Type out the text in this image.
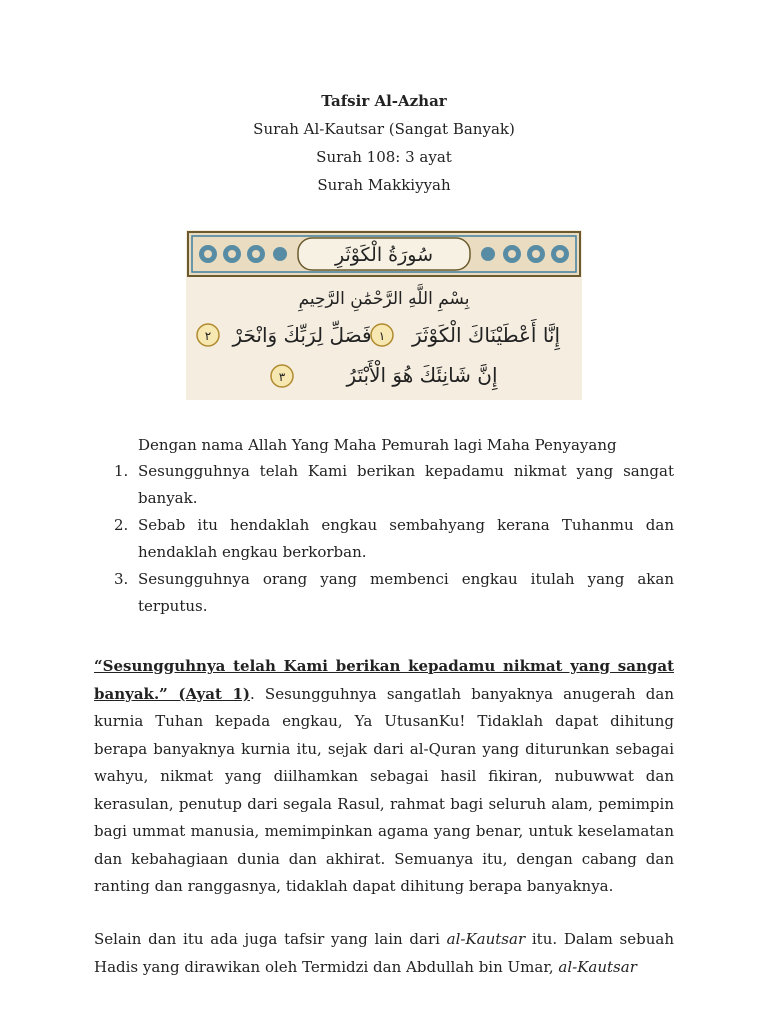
Tafsir Al-Azhar
Surah Al-Kautsar (Sangat Banyak)
Surah 108: 3 ayat
Surah Makkiyyah
سُورَةُ الْكَوْثَرِ
بِسْمِ اللَّهِ الرَّحْمَٰنِ الرَّحِيمِ
إِنَّا أَعْطَيْنَاكَ الْكَوْثَرَ
١
فَصَلِّ لِرَبِّكَ وَانْحَرْ
٢
إِنَّ شَانِئَكَ هُوَ الْأَبْتَرُ
٣
Dengan nama Allah Yang Maha Pemurah lagi Maha Penyayang
1. Sesungguhnya telah Kami berikan kepadamu nikmat yang sangat banyak.
2. Sebab itu hendaklah engkau sembahyang kerana Tuhanmu dan hendaklah engkau berkorban.
3. Sesungguhnya orang yang membenci engkau itulah yang akan terputus.

“Sesungguhnya telah Kami berikan kepadamu nikmat yang sangat banyak.” (Ayat 1). Sesungguhnya sangatlah banyaknya anugerah dan kurnia Tuhan kepada engkau, Ya UtusanKu! Tidaklah dapat dihitung berapa banyaknya kurnia itu, sejak dari al-Quran yang diturunkan sebagai wahyu, nikmat yang diilhamkan sebagai hasil fikiran, nubuwwat dan kerasulan, penutup dari segala Rasul, rahmat bagi seluruh alam, pemimpin bagi ummat manusia, memimpinkan agama yang benar, untuk keselamatan dan kebahagiaan dunia dan akhirat. Semuanya itu, dengan cabang dan ranting dan ranggasnya, tidaklah dapat dihitung berapa banyaknya.

Selain dan itu ada juga tafsir yang lain dari al-Kautsar itu. Dalam sebuah Hadis yang dirawikan oleh Termidzi dan Abdullah bin Umar, al-Kautsar
